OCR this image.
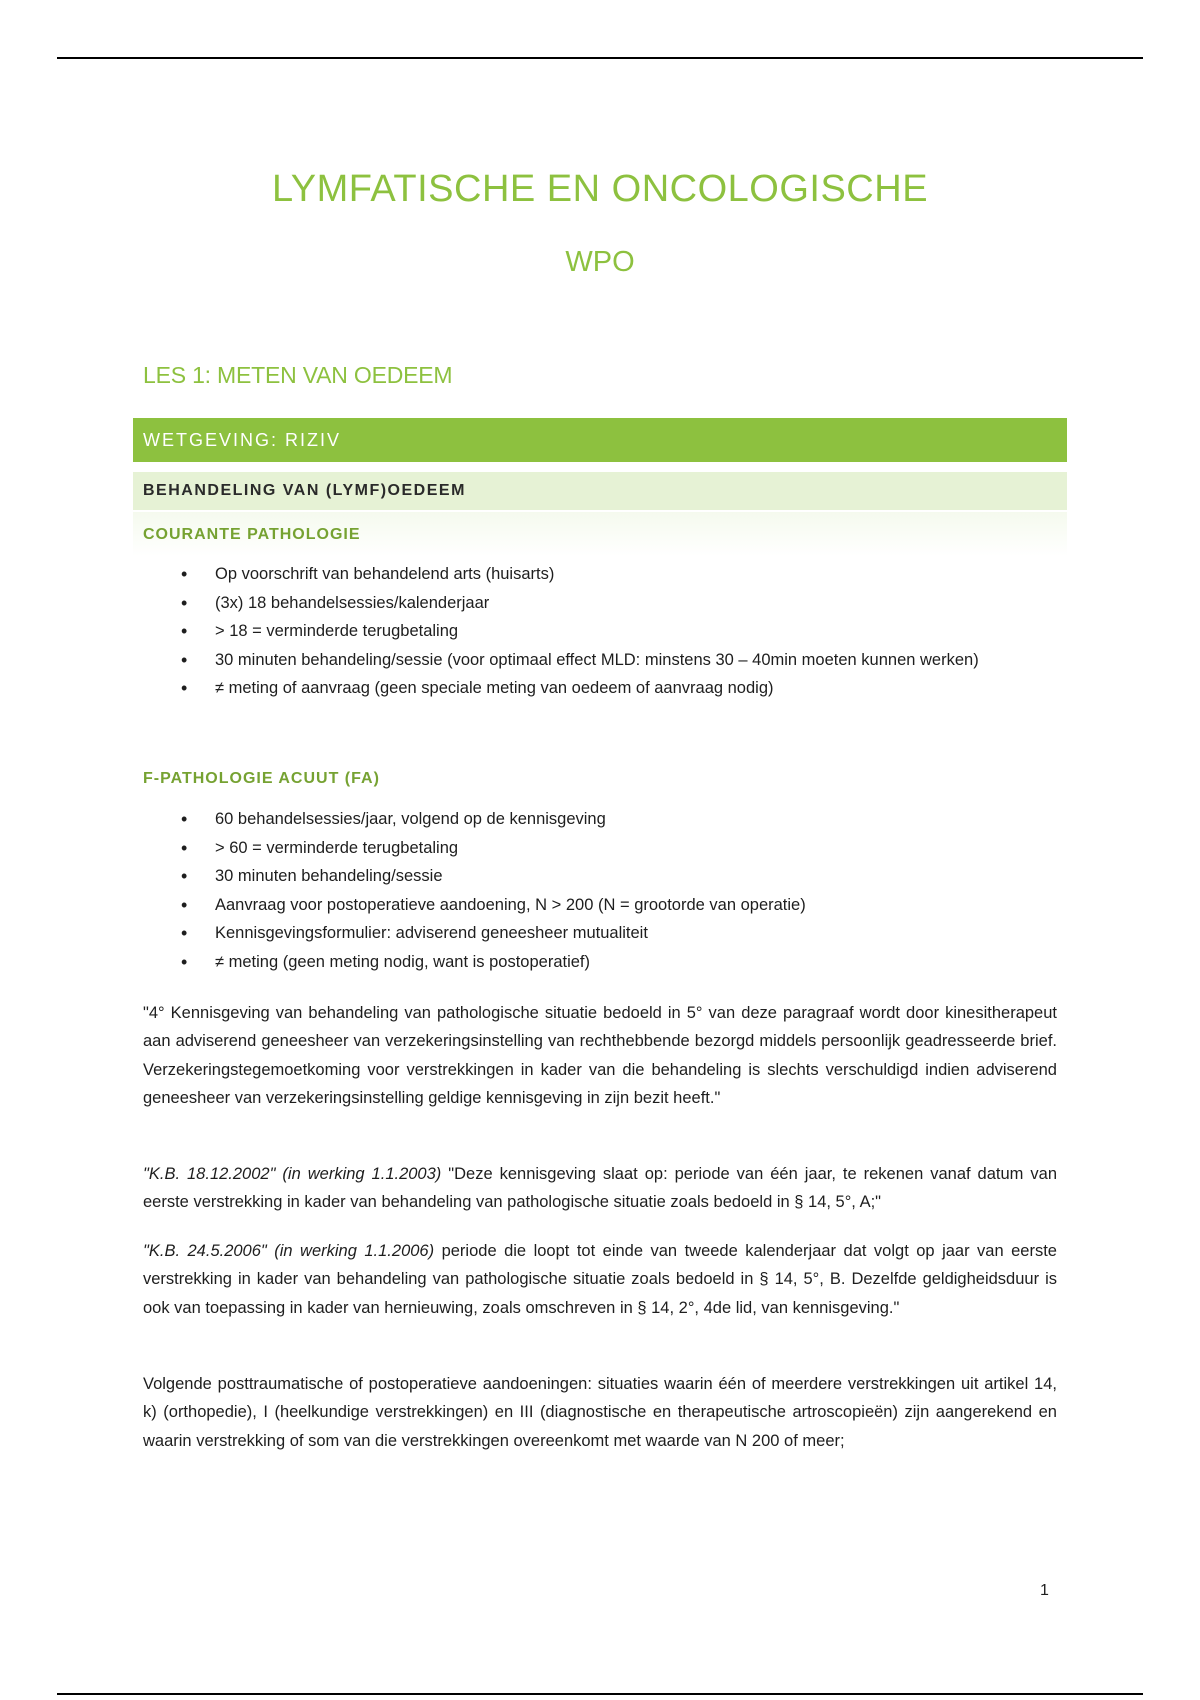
LYMFATISCHE EN ONCOLOGISCHE
WPO
LES 1: METEN VAN OEDEEM
WETGEVING: RIZIV
BEHANDELING VAN (LYMF)OEDEEM
COURANTE PATHOLOGIE
• Op voorschrift van behandelend arts (huisarts)
• (3x) 18 behandelsessies/kalenderjaar
• > 18 = verminderde terugbetaling
• 30 minuten behandeling/sessie (voor optimaal effect MLD: minstens 30 – 40min moeten kunnen werken)
• ≠ meting of aanvraag (geen speciale meting van oedeem of aanvraag nodig)
F-PATHOLOGIE ACUUT (FA)
• 60 behandelsessies/jaar, volgend op de kennisgeving
• > 60 = verminderde terugbetaling
• 30 minuten behandeling/sessie
• Aanvraag voor postoperatieve aandoening, N > 200 (N = grootorde van operatie)
• Kennisgevingsformulier: adviserend geneesheer mutualiteit
• ≠ meting (geen meting nodig, want is postoperatief)

"4° Kennisgeving van behandeling van pathologische situatie bedoeld in 5° van deze paragraaf wordt door kinesitherapeut aan adviserend geneesheer van verzekeringsinstelling van rechthebbende bezorgd middels persoonlijk geadresseerde brief. Verzekeringstegemoetkoming voor verstrekkingen in kader van die behandeling is slechts verschuldigd indien adviserend geneesheer van verzekeringsinstelling geldige kennisgeving in zijn bezit heeft."

"K.B. 18.12.2002" (in werking 1.1.2003) "Deze kennisgeving slaat op: periode van één jaar, te rekenen vanaf datum van eerste verstrekking in kader van behandeling van pathologische situatie zoals bedoeld in § 14, 5°, A;"

"K.B. 24.5.2006" (in werking 1.1.2006) periode die loopt tot einde van tweede kalenderjaar dat volgt op jaar van eerste verstrekking in kader van behandeling van pathologische situatie zoals bedoeld in § 14, 5°, B. Dezelfde geldigheidsduur is ook van toepassing in kader van hernieuwing, zoals omschreven in § 14, 2°, 4de lid, van kennisgeving."

Volgende posttraumatische of postoperatieve aandoeningen: situaties waarin één of meerdere verstrekkingen uit artikel 14, k) (orthopedie), I (heelkundige verstrekkingen) en III (diagnostische en therapeutische artroscopieën) zijn aangerekend en waarin verstrekking of som van die verstrekkingen overeenkomt met waarde van N 200 of meer;

1
